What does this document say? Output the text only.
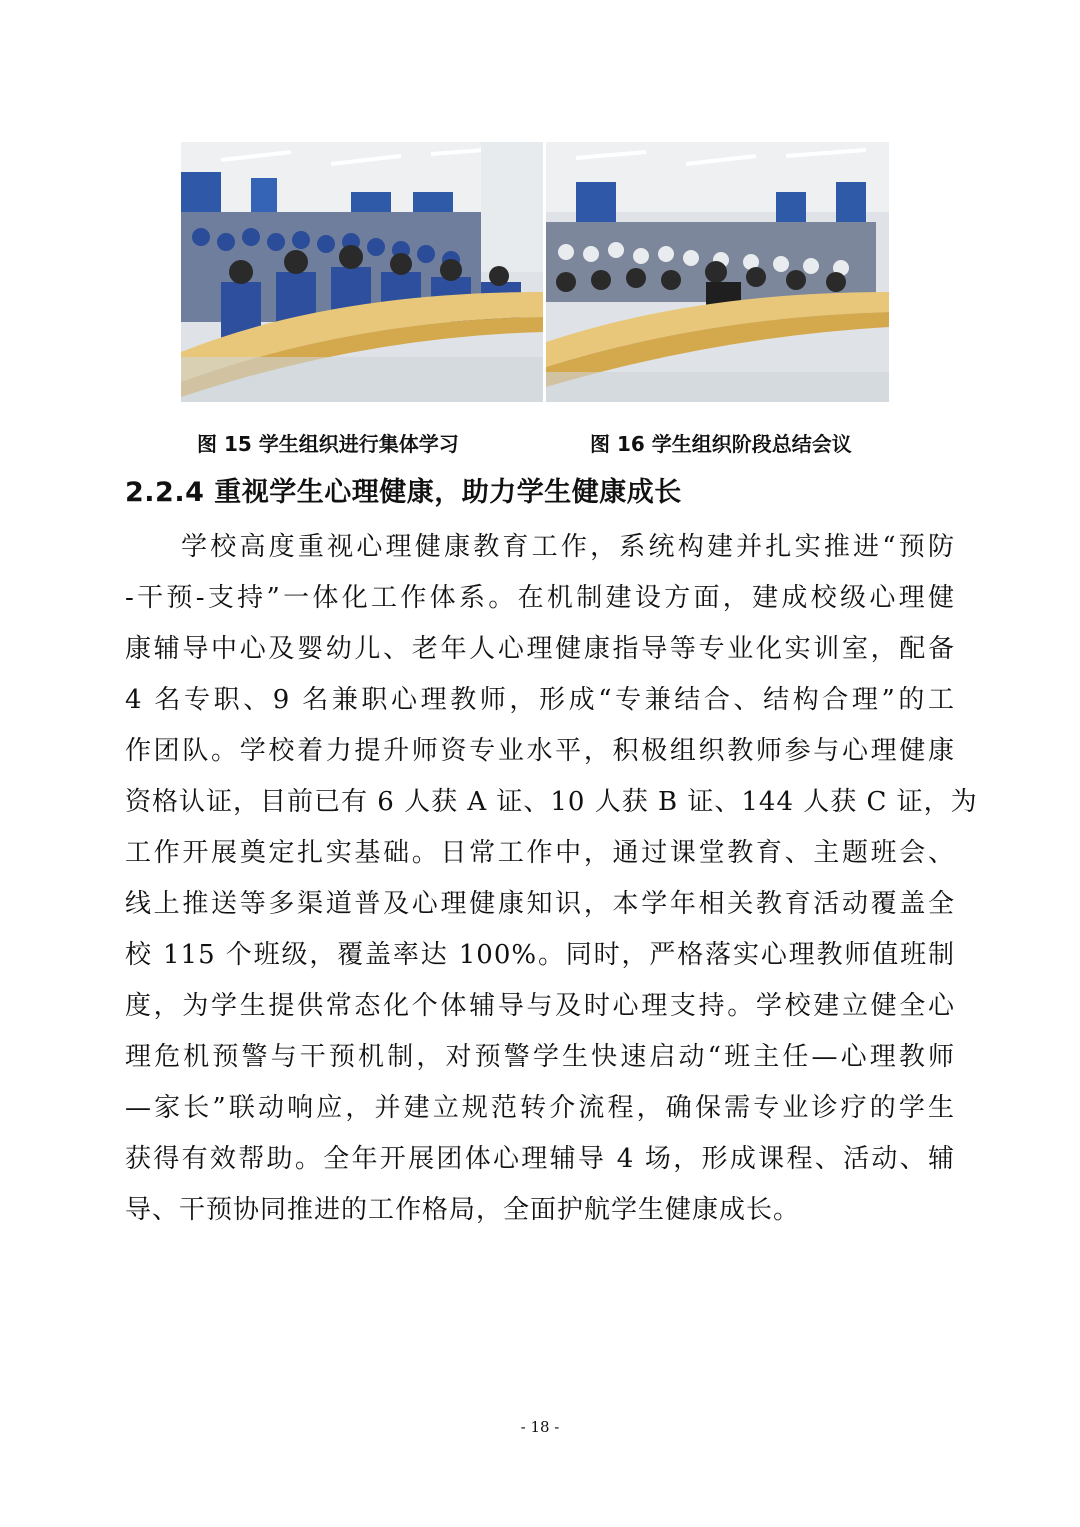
图 15 学生组织进行集体学习	图 16 学生组织阶段总结会议
2.2.4 重视学生心理健康，助力学生健康成长
学校高度重视心理健康教育工作，系统构建并扎实推进“预防
-干预-支持”一体化工作体系。在机制建设方面，建成校级心理健
康辅导中心及婴幼儿、老年人心理健康指导等专业化实训室，配备
4 名专职、9 名兼职心理教师，形成“专兼结合、结构合理”的工
作团队。学校着力提升师资专业水平，积极组织教师参与心理健康
资格认证，目前已有 6 人获 A 证、10 人获 B 证、144 人获 C 证，为
工作开展奠定扎实基础。日常工作中，通过课堂教育、主题班会、
线上推送等多渠道普及心理健康知识，本学年相关教育活动覆盖全
校 115 个班级，覆盖率达 100%。同时，严格落实心理教师值班制
度，为学生提供常态化个体辅导与及时心理支持。学校建立健全心
理危机预警与干预机制，对预警学生快速启动“班主任—心理教师
—家长”联动响应，并建立规范转介流程，确保需专业诊疗的学生
获得有效帮助。全年开展团体心理辅导 4 场，形成课程、活动、辅
导、干预协同推进的工作格局，全面护航学生健康成长。
- 18 -
